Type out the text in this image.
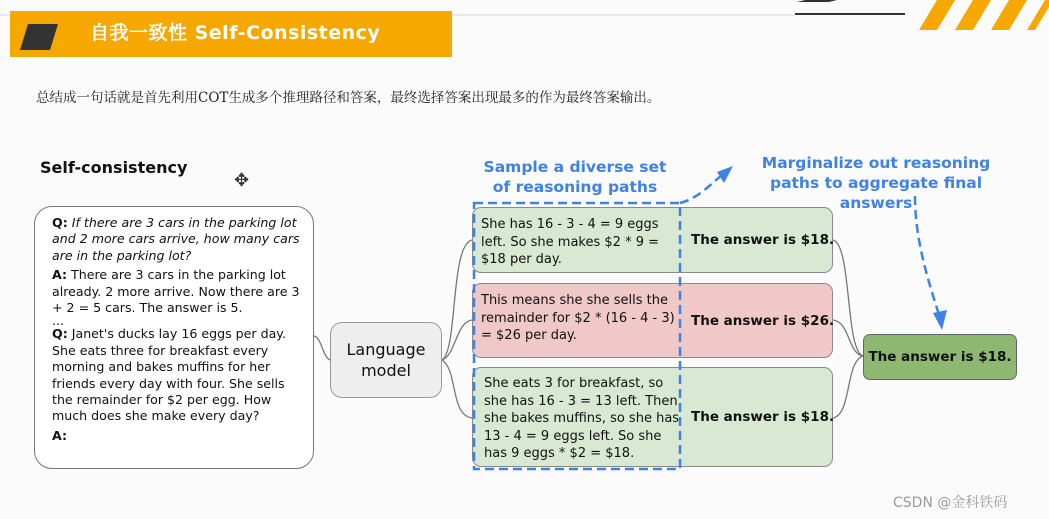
自我一致性 Self-Consistency
总结成一句话就是首先利用COT生成多个推理路径和答案，最终选择答案出现最多的作为最终答案输出。
Self-consistency
✥

Q: If there are 3 cars in the parking lot and 2 more cars arrive, how many cars are in the parking lot?

A: There are 3 cars in the parking lot already. 2 more arrive. Now there are 3 + 2 = 5 cars. The answer is 5.

...

Q: Janet's ducks lay 16 eggs per day. She eats three for breakfast every morning and bakes muffins for her friends every day with four. She sells the remainder for $2 per egg. How much does she make every day?

A:

Language model
She has 16 - 3 - 4 = 9 eggs left. So she makes $2 * 9 = $18 per day.
The answer is $18.
This means she she sells the remainder for $2 * (16 - 4 - 3) = $26 per day.
The answer is $26.
She eats 3 for breakfast, so she has 16 - 3 = 13 left. Then she bakes muffins, so she has 13 - 4 = 9 eggs left. So she has 9 eggs * $2 = $18.
The answer is $18.
The answer is $18.
Sample a diverse set of reasoning paths
Marginalize out reasoning paths to aggregate final answers
CSDN @金科铁码
